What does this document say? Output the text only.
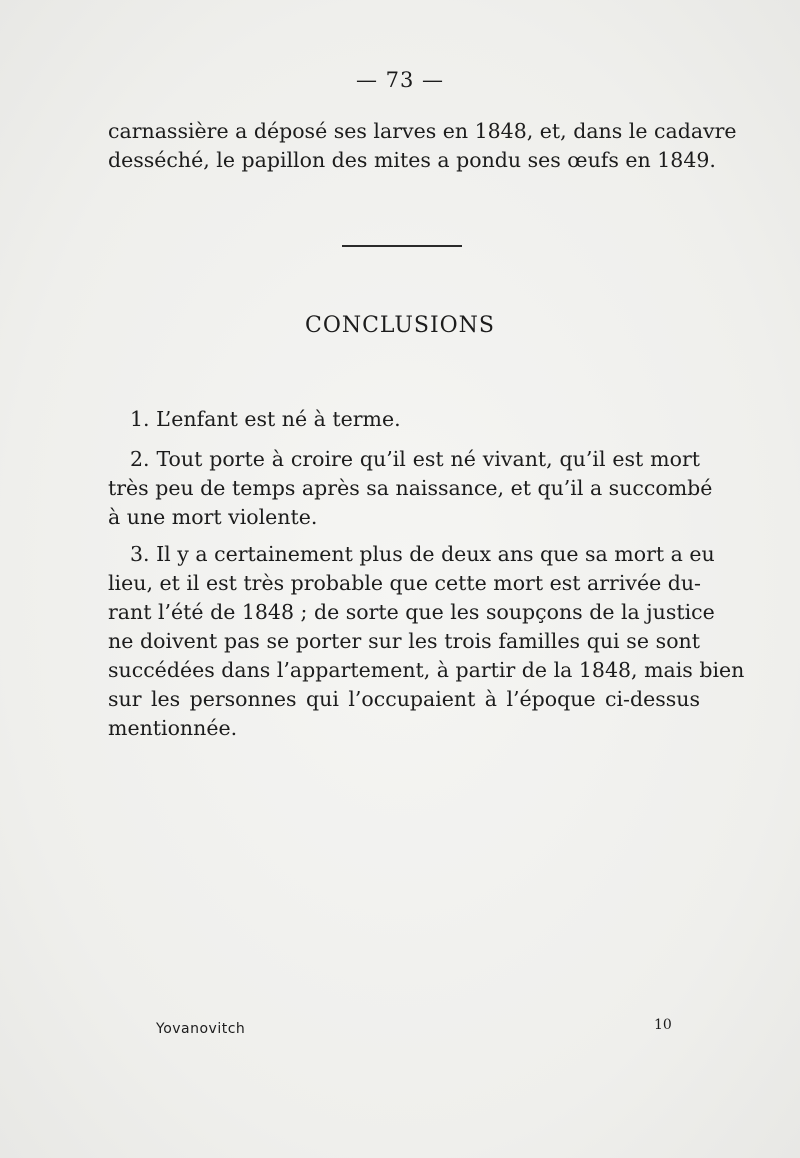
— 73 —
carnassière a déposé ses larves en 1848, et, dans le cadavre
desséché, le papillon des mites a pondu ses œufs en 1849.
CONCLUSIONS
1. L’enfant est né à terme.
2. Tout porte à croire qu’il est né vivant, qu’il est mort
très peu de temps après sa naissance, et qu’il a succombé
à une mort violente.
3. Il y a certainement plus de deux ans que sa mort a eu
lieu, et il est très probable que cette mort est arrivée du-
rant l’été de 1848 ; de sorte que les soupçons de la justice
ne doivent pas se porter sur les trois familles qui se sont
succédées dans l’appartement, à partir de la 1848, mais bien
sur les personnes qui l’occupaient à l’époque ci-dessus
mentionnée.
Yovanovitch	10
